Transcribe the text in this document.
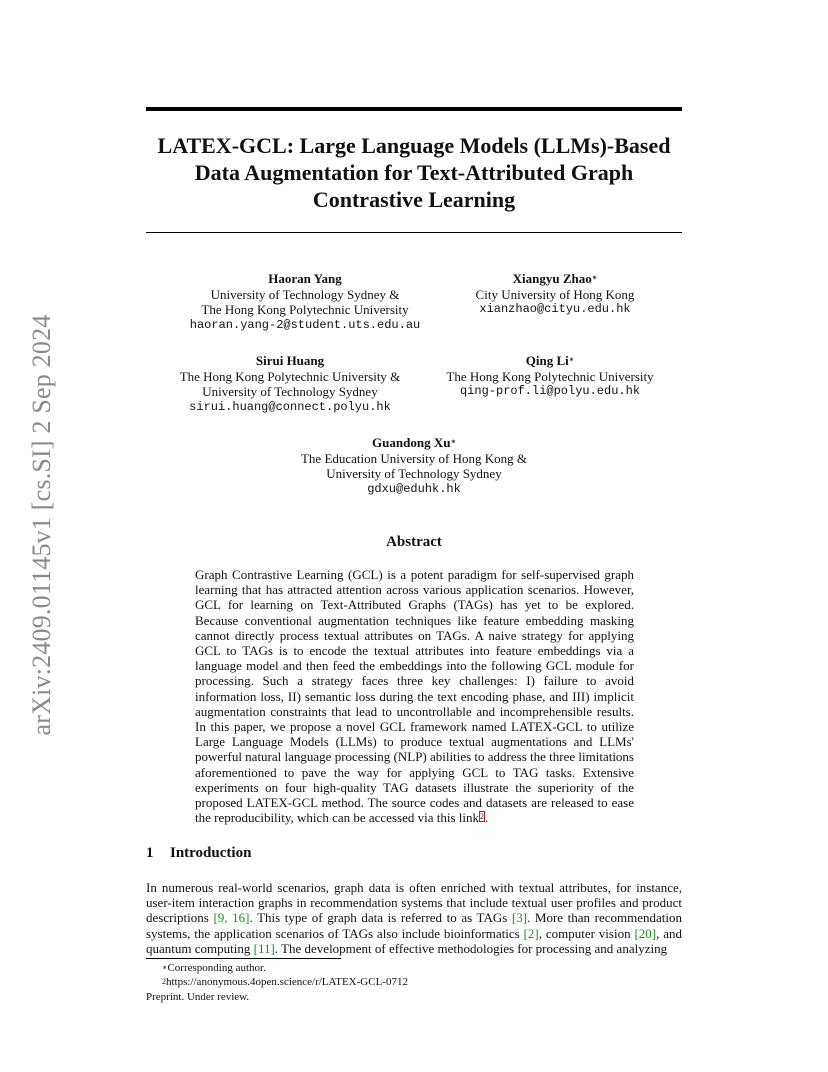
arXiv:2409.01145v1 [cs.SI] 2 Sep 2024
LATEX-GCL: Large Language Models (LLMs)-Based
Data Augmentation for Text-Attributed Graph
Contrastive Learning
Haoran Yang
University of Technology Sydney &
The Hong Kong Polytechnic University
haoran.yang-2@student.uts.edu.au
Xiangyu Zhao∗
City University of Hong Kong
xianzhao@cityu.edu.hk
Sirui Huang
The Hong Kong Polytechnic University &
University of Technology Sydney
sirui.huang@connect.polyu.hk
Qing Li∗
The Hong Kong Polytechnic University
qing-prof.li@polyu.edu.hk
Guandong Xu∗
The Education University of Hong Kong &
University of Technology Sydney
gdxu@eduhk.hk
Abstract
Graph Contrastive Learning (GCL) is a potent paradigm for self-supervised graph learning that has attracted attention across various application scenarios. However, GCL for learning on Text-Attributed Graphs (TAGs) has yet to be explored. Because conventional augmentation techniques like feature embedding masking cannot directly process textual attributes on TAGs. A naive strategy for applying GCL to TAGs is to encode the textual attributes into feature embeddings via a language model and then feed the embeddings into the following GCL module for processing. Such a strategy faces three key challenges: I) failure to avoid information loss, II) semantic loss during the text encoding phase, and III) implicit augmentation constraints that lead to uncontrollable and incomprehensible results. In this paper, we propose a novel GCL framework named LATEX-GCL to utilize Large Language Models (LLMs) to produce textual augmentations and LLMs' powerful natural language processing (NLP) abilities to address the three limitations aforementioned to pave the way for applying GCL to TAG tasks. Extensive experiments on four high-quality TAG datasets illustrate the superiority of the proposed LATEX-GCL method. The source codes and datasets are released to ease the reproducibility, which can be accessed via this link$^2$.
1 Introduction
In numerous real-world scenarios, graph data is often enriched with textual attributes, for instance, user-item interaction graphs in recommendation systems that include textual user profiles and product descriptions [9, 16]. This type of graph data is referred to as TAGs [3]. More than recommendation systems, the application scenarios of TAGs also include bioinformatics [2], computer vision [20], and quantum computing [11]. The development of effective methodologies for processing and analyzing
∗Corresponding author.
$^2$https://anonymous.4open.science/r/LATEX-GCL-0712
Preprint. Under review.
